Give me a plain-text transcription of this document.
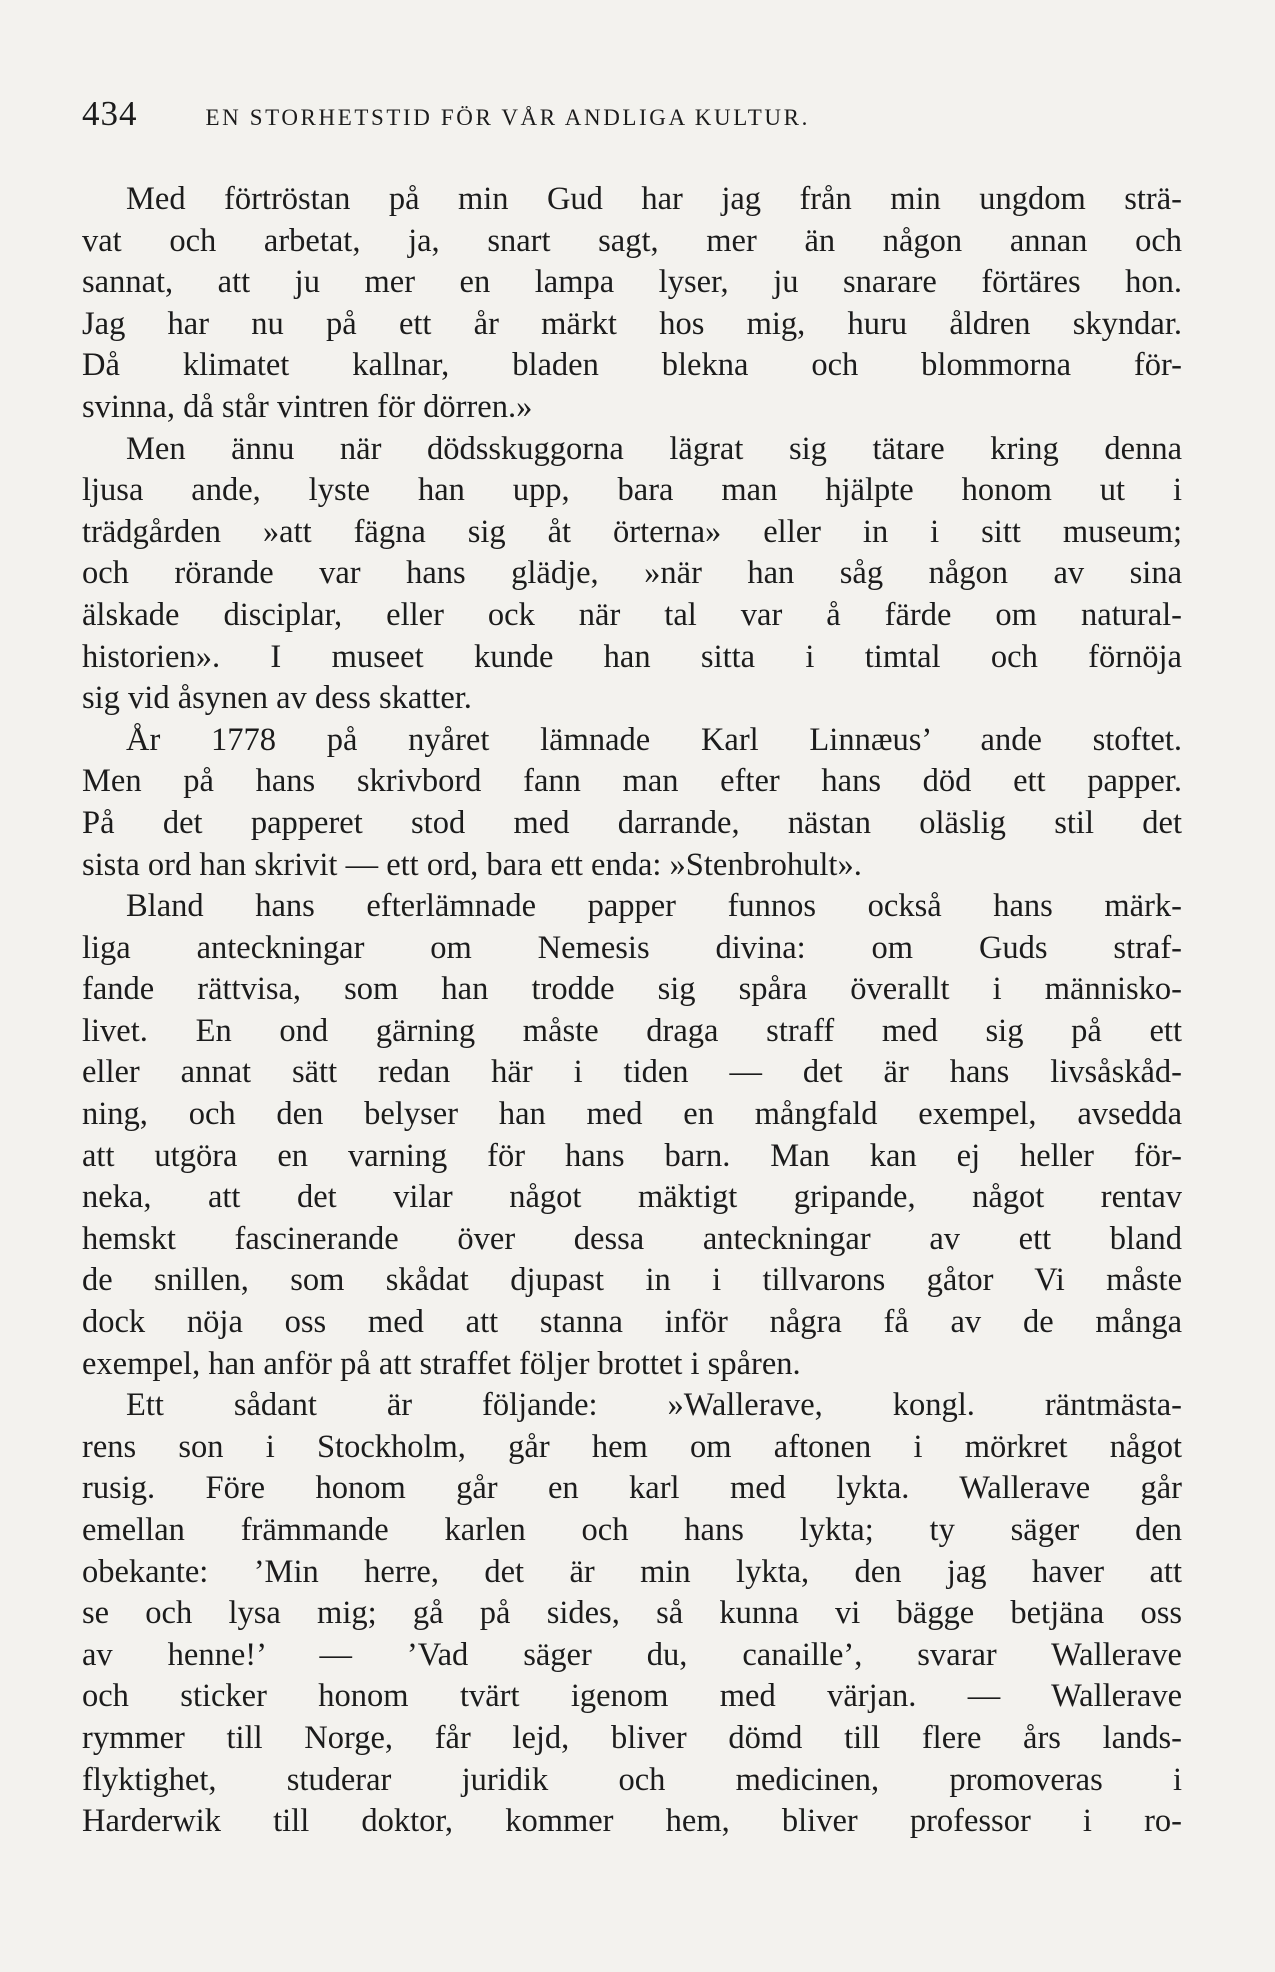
434	EN STORHETSTID FÖR VÅR ANDLIGA KULTUR.
Med förtröstan på min Gud har jag från min ungdom strä-
vat och arbetat, ja, snart sagt, mer än någon annan och
sannat, att ju mer en lampa lyser, ju snarare förtäres hon.
Jag har nu på ett år märkt hos mig, huru åldren skyndar.
Då klimatet kallnar, bladen blekna och blommorna för-
svinna, då står vintren för dörren.»
Men ännu när dödsskuggorna lägrat sig tätare kring denna
ljusa ande, lyste han upp, bara man hjälpte honom ut i
trädgården »att fägna sig åt örterna» eller in i sitt museum;
och rörande var hans glädje, »när han såg någon av sina
älskade disciplar, eller ock när tal var å färde om natural-
historien». I museet kunde han sitta i timtal och förnöja
sig vid åsynen av dess skatter.
År 1778 på nyåret lämnade Karl Linnæus’ ande stoftet.
Men på hans skrivbord fann man efter hans död ett papper.
På det papperet stod med darrande, nästan oläslig stil det
sista ord han skrivit — ett ord, bara ett enda: »Stenbrohult».
Bland hans efterlämnade papper funnos också hans märk-
liga anteckningar om Nemesis divina: om Guds straf-
fande rättvisa, som han trodde sig spåra överallt i människo-
livet. En ond gärning måste draga straff med sig på ett
eller annat sätt redan här i tiden — det är hans livsåskåd-
ning, och den belyser han med en mångfald exempel, avsedda
att utgöra en varning för hans barn. Man kan ej heller för-
neka, att det vilar något mäktigt gripande, något rentav
hemskt fascinerande över dessa anteckningar av ett bland
de snillen, som skådat djupast in i tillvarons gåtor Vi måste
dock nöja oss med att stanna inför några få av de många
exempel, han anför på att straffet följer brottet i spåren.
Ett sådant är följande: »Wallerave, kongl. räntmästa-
rens son i Stockholm, går hem om aftonen i mörkret något
rusig. Före honom går en karl med lykta. Wallerave går
emellan främmande karlen och hans lykta; ty säger den
obekante: ’Min herre, det är min lykta, den jag haver att
se och lysa mig; gå på sides, så kunna vi bägge betjäna oss
av henne!’ — ’Vad säger du, canaille’, svarar Wallerave
och sticker honom tvärt igenom med värjan. — Wallerave
rymmer till Norge, får lejd, bliver dömd till flere års lands-
flyktighet, studerar juridik och medicinen, promoveras i
Harderwik till doktor, kommer hem, bliver professor i ro-
